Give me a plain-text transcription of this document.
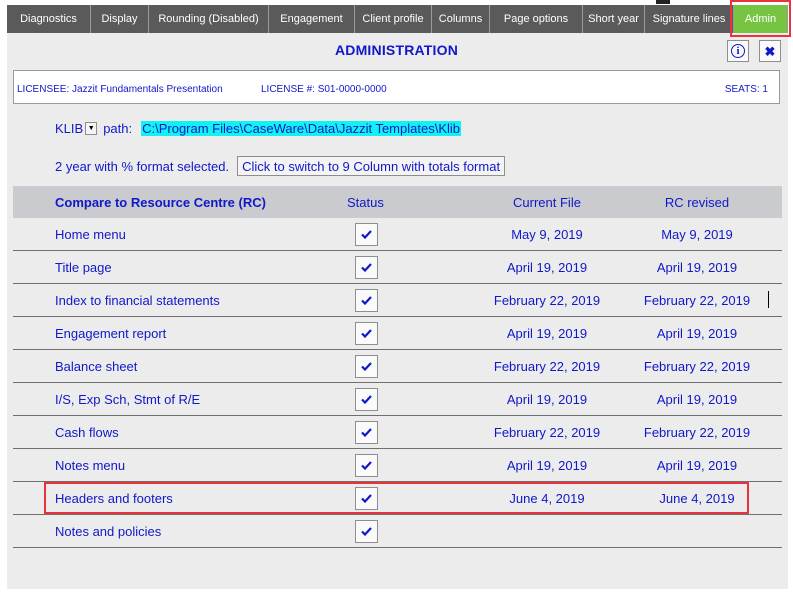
Diagnostics	Display	Rounding (Disabled)	Engagement	Client profile	Columns	Page options	Short year	Signature lines	Admin
ADMINISTRATION	i	✖
LICENSEE: Jazzit Fundamentals Presentation	LICENSE #: S01-0000-0000	SEATS: 1
KLIB ▼ path: C:\Program Files\CaseWare\Data\Jazzit Templates\Klib
2 year with % format selected.	Click to switch to 9 Column with totals format
Compare to Resource Centre (RC)	Status	Current File	RC revised
Home menu	May 9, 2019	May 9, 2019
Title page	April 19, 2019	April 19, 2019
Index to financial statements	February 22, 2019	February 22, 2019
Engagement report	April 19, 2019	April 19, 2019
Balance sheet	February 22, 2019	February 22, 2019
I/S, Exp Sch, Stmt of R/E	April 19, 2019	April 19, 2019
Cash flows	February 22, 2019	February 22, 2019
Notes menu	April 19, 2019	April 19, 2019
Headers and footers	June 4, 2019	June 4, 2019
Notes and policies
